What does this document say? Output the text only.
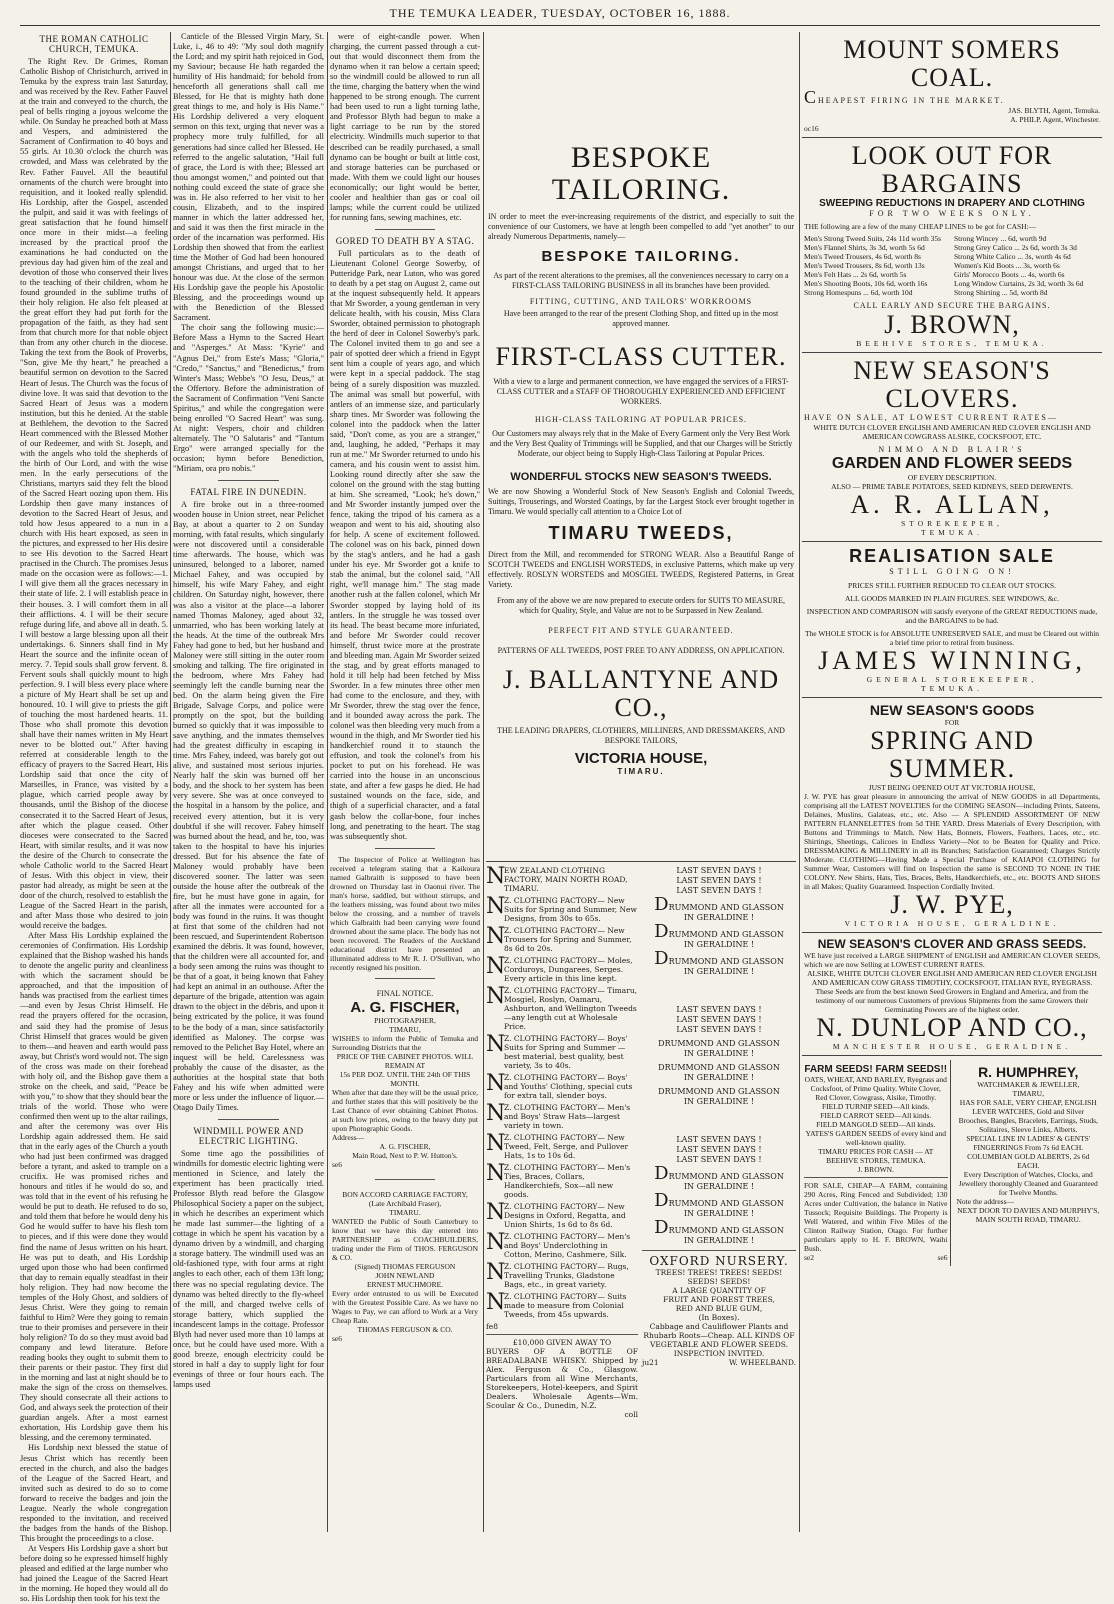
THE TEMUKA LEADER, TUESDAY, OCTOBER 16, 1888.
THE ROMAN CATHOLIC CHURCH, TEMUKA.

The Right Rev. Dr Grimes, Roman Catholic Bishop of Christchurch, arrived in Temuka by the express train last Saturday, and was received by the Rev. Father Fauvel at the train and conveyed to the church, the peal of bells ringing a joyous welcome the while. On Sunday he preached both at Mass and Vespers, and administered the Sacrament of Confirmation to 40 boys and 55 girls. At 10.30 o'clock the church was crowded, and Mass was celebrated by the Rev. Father Fauvel. All the beautiful ornaments of the church were brought into requisition, and it looked really splendid. His Lordship, after the Gospel, ascended the pulpit, and said it was with feelings of great satisfaction that he found himself once more in their midst—a feeling increased by the practical proof the examinations he had conducted on the previous day had given him of the zeal and devotion of those who conserved their lives to the teaching of their children, whom he found grounded in the sublime truths of their holy religion. He also felt pleased at the great effort they had put forth for the propagation of the faith, as they had sent from that church more for that noble object than from any other church in the diocese. Taking the text from the Book of Proverbs, "Son, give Me thy heart," he preached a beautiful sermon on devotion to the Sacred Heart of Jesus. The Church was the focus of divine love. It was said that devotion to the Sacred Heart of Jesus was a modern institution, but this he denied. At the stable at Bethlehem, the devotion to the Sacred Heart commenced with the Blessed Mother of our Redeemer, and with St. Joseph, and with the angels who told the shepherds of the birth of Our Lord, and with the wise men. In the early persecutions of the Christians, martyrs said they felt the blood of the Sacred Heart oozing upon them. His Lordship then gave many instances of devotion to the Sacred Heart of Jesus, and told how Jesus appeared to a nun in a church with His heart exposed, as seen in the pictures, and expressed to her His desire to see His devotion to the Sacred Heart practised in the Church. The promises Jesus made on the occasion were as follows:—1. I will give them all the graces necessary in their state of life. 2. I will establish peace in their houses. 3. I will comfort them in all their afflictions. 4. I will be their secure refuge during life, and above all in death. 5. I will bestow a large blessing upon all their undertakings. 6. Sinners shall find in My Heart the source and the infinite ocean of mercy. 7. Tepid souls shall grow fervent. 8. Fervent souls shall quickly mount to high perfection. 9. I will bless every place where a picture of My Heart shall be set up and honoured. 10. I will give to priests the gift of touching the most hardened hearts. 11. Those who shall promote this devotion shall have their names written in My Heart never to be blotted out." After having referred at considerable length to the efficacy of prayers to the Sacred Heart, His Lordship said that once the city of Marseilles, in France, was visited by a plague, which carried people away by thousands, until the Bishop of the diocese consecrated it to the Sacred Heart of Jesus, after which the plague ceased. Other dioceses were consecrated to the Sacred Heart, with similar results, and it was now the desire of the Church to consecrate the whole Catholic world to the Sacred Heart of Jesus. With this object in view, their pastor had already, as might be seen at the door of the church, resolved to establish the League of the Sacred Heart in the parish, and after Mass those who desired to join would receive the badges.

After Mass His Lordship explained the ceremonies of Confirmation. His Lordship explained that the Bishop washed his hands to denote the angelic purity and cleanliness with which the sacrament should be approached, and that the imposition of hands was practised from the earliest times—and even by Jesus Christ Himself. He read the prayers offered for the occasion, and said they had the promise of Jesus Christ Himself that graces would be given to them—and heaven and earth would pass away, but Christ's word would not. The sign of the cross was made on their forehead with holy oil, and the Bishop gave them a stroke on the cheek, and said, "Peace be with you," to show that they should bear the trials of the world. Those who were confirmed then went up to the altar railings, and after the ceremony was over His Lordship again addressed them. He said that in the early ages of the Church a youth who had just been confirmed was dragged before a tyrant, and asked to trample on a crucifix. He was promised riches and honours and titles if he would do so, and was told that in the event of his refusing he would be put to death. He refused to do so, and told them that before he would deny his God he would suffer to have his flesh torn to pieces, and if this were done they would find the name of Jesus written on his heart. He was put to death, and His Lordship urged upon those who had been confirmed that day to remain equally steadfast in their holy religion. They had now become the temples of the Holy Ghost, and soldiers of Jesus Christ. Were they going to remain faithful to Him? Were they going to remain true to their promises and persevere in their holy religion? To do so they must avoid bad company and lewd literature. Before reading books they ought to submit them to their parents or their pastor. They first did in the morning and last at night should be to make the sign of the cross on themselves. They should consecrate all their actions to God, and always seek the protection of their guardian angels. After a most earnest exhortation, His Lordship gave them his blessing, and the ceremony terminated.

His Lordship next blessed the statue of Jesus Christ which has recently been erected in the church, and also the badges of the League of the Sacred Heart, and invited such as desired to do so to come forward to receive the badges and join the League. Nearly the whole congregation responded to the invitation, and received the badges from the hands of the Bishop. This brought the proceedings to a close.

At Vespers His Lordship gave a short but before doing so he expressed himself highly pleased and edified at the large number who had joined the League of the Sacred Heart in the morning. He hoped they would all do so. His Lordship then took for his text the

Canticle of the Blessed Virgin Mary, St. Luke, i., 46 to 49: "My soul doth magnify the Lord; and my spirit hath rejoiced in God, my Saviour; because He hath regarded the humility of His handmaid; for behold from henceforth all generations shall call me Blessed, for He that is mighty hath done great things to me, and holy is His Name." His Lordship delivered a very eloquent sermon on this text, urging that never was a prophecy more truly fulfilled, for all generations had since called her Blessed. He referred to the angelic salutation, "Hail full of grace, the Lord is with thee; Blessed art thou amongst women," and pointed out that nothing could exceed the state of grace she was in. He also referred to her visit to her cousin, Elizabeth, and to the inspired manner in which the latter addressed her, and said it was then the first miracle in the order of the incarnation was performed. His Lordship then showed that from the earliest time the Mother of God had been honoured amongst Christians, and urged that to her honour was due. At the close of the sermon His Lordship gave the people his Apostolic Blessing, and the proceedings wound up with the Benediction of the Blessed Sacrament.

The choir sang the following music:—Before Mass a Hymn to the Sacred Heart and "Asperges." At Mass: "Kyrie" and "Agnus Dei," from Este's Mass; "Gloria," "Credo," "Sanctus," and "Benedictus," from Winter's Mass; Webbe's "O Jesu, Deus," at the Offertory. Before the administration of the Sacrament of Confirmation "Veni Sancte Spiritus," and while the congregation were being enrolled "O Sacred Heart" was sung. At night: Vespers, choir and children alternately. The "O Salutaris" and "Tantum Ergo" were arranged specially for the occasion; hymn before Benediction, "Miriam, ora pro nobis."

FATAL FIRE IN DUNEDIN.

A fire broke out in a three-roomed wooden house in Union street, near Pelichet Bay, at about a quarter to 2 on Sunday morning, with fatal results, which singularly were not discovered until a considerable time afterwards. The house, which was uninsured, belonged to a laborer, named Michael Fahey, and was occupied by himself, his wife Mary Fahey, and eight children. On Saturday night, however, there was also a visitor at the place—a laborer named Thomas Maloney, aged about 32, unmarried, who has been working lately at the heads. At the time of the outbreak Mrs Fahey had gone to bed, but her husband and Maloney were still sitting in the outer room smoking and talking. The fire originated in the bedroom, where Mrs Fahey had seemingly left the candle burning near the bed. On the alarm being given the Fire Brigade, Salvage Corps, and police were promptly on the spot, but the building burned so quickly that it was impossible to save anything, and the inmates themselves had the greatest difficulty in escaping in time. Mrs Fahey, indeed, was barely got out alive, and sustained most serious injuries. Nearly half the skin was burned off her body, and the shock to her system has been very severe. She was at once conveyed to the hospital in a hansom by the police, and received every attention, but it is very doubtful if she will recover. Fahey himself was burned about the head, and he, too, was taken to the hospital to have his injuries dressed. But for his absence the fate of Maloney would probably have been discovered sooner. The latter was seen outside the house after the outbreak of the fire, but he must have gone in again, for after all the inmates were accounted for a body was found in the ruins. It was thought at first that some of the children had not been rescued, and Superintendent Robertson examined the débris. It was found, however, that the children were all accounted for, and a body seen among the ruins was thought to be that of a goat, it being known that Fahey had kept an animal in an outhouse. After the departure of the brigade, attention was again drawn to the object in the débris, and upon it being extricated by the police, it was found to be the body of a man, since satisfactorily identified as Maloney. The corpse was removed to the Pelichet Bay Hotel, where an inquest will be held. Carelessness was probably the cause of the disaster, as the authorities at the hospital state that both Fahey and his wife when admitted were more or less under the influence of liquor.—Otago Daily Times.

WINDMILL POWER AND ELECTRIC LIGHTING.

Some time ago the possibilities of windmills for domestic electric lighting were mentioned in Science, and lately the experiment has been practically tried. Professor Blyth read before the Glasgow Philosophical Society a paper on the subject, in which he describes an experiment which he made last summer—the lighting of a cottage in which he spent his vacation by a dynamo driven by a windmill, and charging a storage battery. The windmill used was an old-fashioned type, with four arms at right angles to each other, each of them 13ft long; there was no special regulating device. The dynamo was belted directly to the fly-wheel of the mill, and charged twelve cells of storage battery, which supplied the incandescent lamps in the cottage. Professor Blyth had never used more than 10 lamps at once, but he could have used more. With a good breeze, enough electricity could be stored in half a day to supply light for four evenings of three or four hours each. The lamps used

were of eight-candle power. When charging, the current passed through a cut-out that would disconnect them from the dynamo when it ran below a certain speed; so the windmill could be allowed to run all the time, charging the battery when the wind happened to be strong enough. The current had been used to run a light turning lathe, and Professor Blyth had begun to make a light carriage to be run by the stored electricity. Windmills much superior to that described can be readily purchased, a small dynamo can be bought or built at little cost, and storage batteries can be purchased or made. With them we could light our houses economically; our light would be better, cooler and healthier than gas or coal oil lamps; while the current could be utilized for running fans, sewing machines, etc.

GORED TO DEATH BY A STAG.

Full particulars as to the death of Lieutenant Colonel George Sowerby, of Putteridge Park, near Luton, who was gored to death by a pet stag on August 2, came out at the inquest subsequently held. It appears that Mr Sworder, a young gentleman in very delicate health, with his cousin, Miss Clara Sworder, obtained permission to photograph the herd of deer in Colonel Sowerby's park. The Colonel invited them to go and see a pair of spotted deer which a friend in Egypt sent him a couple of years ago, and which were kept in a special paddock. The stag being of a surely disposition was muzzled. The animal was small but powerful, with antlers of an immense size, and particularly sharp tines. Mr Sworder was following the colonel into the paddock when the latter said, "Don't come, as you are a stranger," and, laughing, he added, "Perhaps it may run at me." Mr Sworder returned to undo his camera, and his cousin went to assist him. Looking round directly after she saw the colonel on the ground with the stag butting at him. She screamed, "Look; he's down," and Mr Sworder instantly jumped over the fence, taking the tripod of his camera as a weapon and went to his aid, shouting also for help. A scene of excitement followed. The colonel was on his back, pinned down by the stag's antlers, and he had a gash under his eye. Mr Sworder got a knife to stab the animal, but the colonel said, "All right, we'll manage him." The stag made another rush at the fallen colonel, which Mr Sworder stopped by laying hold of its antlers. In the struggle he was tossed over its head. The beast became more infuriated, and before Mr Sworder could recover himself, thrust twice more at the prostrate and bleeding man. Again Mr Sworder seized the stag, and by great efforts managed to hold it till help had been fetched by Miss Sworder. In a few minutes three other men had come to the enclosure, and they, with Mr Sworder, threw the stag over the fence, and it bounded away across the park. The colonel was then bleeding very much from a wound in the thigh, and Mr Sworder tied his handkerchief round it to staunch the effusion, and took the colonel's from his pocket to put on his forehead. He was carried into the house in an unconscious state, and after a few gasps he died. He had sustained wounds on the face, side, and thigh of a superficial character, and a fatal gash below the collar-bone, four inches long, and penetrating to the heart. The stag was subsequently shot.

The Inspector of Police at Wellington has received a telegram stating that a Kaikoura named Galbraith is supposed to have been drowned on Thursday last in Oaonui river. The man's horse, saddled, but without stirrups, and the leathers missing, was found about two miles below the crossing, and a number of travels which Galbraith had been carrying were found drowned about the same place. The body has not been recovered. The Readers of the Auckland educational district have presented an illuminated address to Mr R. J. O'Sullivan, who recently resigned his position.

FINAL NOTICE.
A. G. FISCHER,
PHOTOGRAPHER,
TIMARU,
WISHES to inform the Public of Temuka and Surrounding Districts that the
PRICE OF THE CABINET PHOTOS. WILL REMAIN AT
15s PER DOZ. UNTIL THE 24th OF THIS MONTH.
When after that date they will be the usual price, and further states that this will positively be the Last Chance of ever obtaining Cabinet Photos. at such low prices, owing to the heavy duty put upon Photographic Goods.
Address—
A. G. FISCHER,
Main Road, Next to P. W. Hutton's.
se6
BON ACCORD CARRIAGE FACTORY,
(Late Archibald Fraser),
TIMARU.
WANTED the Public of South Canterbury to know that we have this day entered into PARTNERSHIP as COACHBUILDERS, trading under the Firm of THOS. FERGUSON & CO.
(Signed) THOMAS FERGUSON
JOHN NEWLAND
ERNEST MUCHMORE.
Every order entrusted to us will be Executed with the Greatest Possible Care. As we have no Wages to Pay, we can afford to Work at a Very Cheap Rate.
THOMAS FERGUSON & CO.
se6
BESPOKE TAILORING.
IN order to meet the ever-increasing requirements of the district, and especially to suit the convenience of our Customers, we have at length been compelled to add "yet another" to our already Numerous Departments, namely—
BESPOKE TAILORING.
As part of the recent alterations to the premises, all the conveniences necessary to carry on a FIRST-CLASS TAILORING BUSINESS in all its branches have been provided.
FITTING, CUTTING, AND TAILORS' WORKROOMS
Have been arranged to the rear of the present Clothing Shop, and fitted up in the most approved manner.
FIRST-CLASS CUTTER.
With a view to a large and permanent connection, we have engaged the services of a FIRST-CLASS CUTTER and a STAFF OF THOROUGHLY EXPERIENCED AND EFFICIENT WORKERS.
HIGH-CLASS TAILORING AT POPULAR PRICES.
Our Customers may always rely that in the Make of Every Garment only the Very Best Work and the Very Best Quality of Trimmings will be Supplied, and that our Charges will be Strictly Moderate, our object being to Supply High-Class Tailoring at Popular Prices.
WONDERFUL STOCKS NEW SEASON'S TWEEDS.
We are now Showing a Wonderful Stock of New Season's English and Colonial Tweeds, Suitings, Trouserings, and Worsted Coatings, by far the Largest Stock ever brought together in Timaru. We would specially call attention to a Choice Lot of
TIMARU TWEEDS,
Direct from the Mill, and recommended for STRONG WEAR. Also a Beautiful Range of SCOTCH TWEEDS and ENGLISH WORSTEDS, in exclusive Patterns, which make up very effectively. ROSLYN WORSTEDS and MOSGIEL TWEEDS, Registered Patterns, in Great Variety.
From any of the above we are now prepared to execute orders for SUITS TO MEASURE, which for Quality, Style, and Value are not to be Surpassed in New Zealand.
PERFECT FIT AND STYLE GUARANTEED.
PATTERNS OF ALL TWEEDS, POST FREE TO ANY ADDRESS, ON APPLICATION.
J. BALLANTYNE AND CO.,
THE LEADING DRAPERS, CLOTHIERS, MILLINERS, AND DRESSMAKERS, AND BESPOKE TAILORS,
VICTORIA HOUSE,
TIMARU.
N
EW ZEALAND CLOTHING FACTORY, MAIN NORTH ROAD, TIMARU.
N
Z. CLOTHING FACTORY— New Suits for Spring and Summer, New Designs, from 30s to 65s.
N
Z. CLOTHING FACTORY— New Trousers for Spring and Summer, 8s 6d to 20s.
N
Z. CLOTHING FACTORY— Moles, Corduroys, Dungarees, Serges. Every article in this line kept.
N
Z. CLOTHING FACTORY— Timaru, Mosgiel, Roslyn, Oamaru, Ashburton, and Wellington Tweeds—any length cut at Wholesale Price.
N
Z. CLOTHING FACTORY— Boys' Suits for Spring and Summer —best material, best quality, best variety, 3s to 40s.
N
Z. CLOTHING FACTORY— Boys' and Youths' Clothing, special cuts for extra tall, slender boys.
N
Z. CLOTHING FACTORY— Men's and Boys' Straw Hats—largest variety in town.
N
Z. CLOTHING FACTORY— New Tweed, Felt, Serge, and Pullover Hats, 1s to 10s 6d.
N
Z. CLOTHING FACTORY— Men's Ties, Braces, Collars, Handkerchiefs, Sox—all new goods.
N
Z. CLOTHING FACTORY— New Designs in Oxford, Regatta, and Union Shirts, 1s 6d to 8s 6d.
N
Z. CLOTHING FACTORY— Men's and Boys' Underclothing in Cotton, Merino, Cashmere, Silk.
N
Z. CLOTHING FACTORY— Rugs, Travelling Trunks, Gladstone Bags, etc., in great variety.
N
Z. CLOTHING FACTORY— Suits made to measure from Colonial Tweeds, from 45s upwards.
fe8
£10,000 GIVEN AWAY TO
BUYERS OF A BOTTLE OF BREADALBANE WHISKY. Shipped by Alex. Ferguson & Co., Glasgow. Particulars from all Wine Merchants, Storekeepers, Hotel-keepers, and Spirit Dealers. Wholesale Agents—Wm. Scoular & Co., Dunedin, N.Z.
coll
LAST SEVEN DAYS !
LAST SEVEN DAYS !
LAST SEVEN DAYS !
DRUMMOND AND GLASSON
IN GERALDINE !
DRUMMOND AND GLASSON
IN GERALDINE !
DRUMMOND AND GLASSON
IN GERALDINE !
LAST SEVEN DAYS !
LAST SEVEN DAYS !
LAST SEVEN DAYS !
DRUMMOND AND GLASSON
IN GERALDINE !
DRUMMOND AND GLASSON
IN GERALDINE !
DRUMMOND AND GLASSON
IN GERALDINE !
LAST SEVEN DAYS !
LAST SEVEN DAYS !
LAST SEVEN DAYS !
DRUMMOND AND GLASSON
IN GERALDINE !
DRUMMOND AND GLASSON
IN GERALDINE !
DRUMMOND AND GLASSON
IN GERALDINE !
OXFORD NURSERY.
TREES! TREES! TREES! SEEDS! SEEDS! SEEDS!
A LARGE QUANTITY OF
FRUIT AND FOREST TREES,
RED AND BLUE GUM,
(In Boxes).
Cabbage and Cauliflower Plants and Rhubarb Roots—Cheap. ALL KINDS OF VEGETABLE AND FLOWER SEEDS.
INSPECTION INVITED.
ju21	W. WHEELBAND.
MOUNT SOMERS COAL.
CHEAPEST FIRING IN THE MARKET.
JAS. BLYTH, Agent, Temuka.
A. PHILP, Agent, Winchester.
oc16
LOOK OUT FOR BARGAINS
SWEEPING REDUCTIONS IN DRAPERY AND CLOTHING
FOR TWO WEEKS ONLY.
THE following are a few of the many CHEAP LINES to be got for CASH:—
Men's Strong Tweed Suits, 24s 11d worth 35s
Men's Flannel Shirts, 3s 3d, worth 5s 6d
Men's Tweed Trousers, 4s 6d, worth 8s
Men's Tweed Trousers, 8s 6d, worth 13s
Men's Felt Hats ... 2s 6d, worth 5s
Men's Shooting Boots, 10s 6d, worth 16s
Strong Homespuns ... 6d, worth 10d
Strong Wincey ... 6d, worth 9d
Strong Grey Calico ... 2s 6d, worth 3s 3d
Strong White Calico ... 3s, worth 4s 6d
Women's Kid Boots ... 3s, worth 6s
Girls' Morocco Boots ... 4s, worth 6s
Long Window Curtains, 2s 3d, worth 3s 6d
Strong Shirting ... 5d, worth 8d
CALL EARLY AND SECURE THE BARGAINS.
J. BROWN,
BEEHIVE STORES, TEMUKA.
NEW SEASON'S CLOVERS.
HAVE ON SALE, AT LOWEST CURRENT RATES—
WHITE DUTCH CLOVER ENGLISH AND AMERICAN RED CLOVER ENGLISH AND AMERICAN COWGRASS ALSIKE, COCKSFOOT, ETC.
NIMMO AND BLAIR'S
GARDEN AND FLOWER SEEDS
OF EVERY DESCRIPTION.
ALSO — PRIME TABLE POTATOES, SEED KIDNEYS, SEED DERWENTS.
A. R. ALLAN,
STOREKEEPER,
TEMUKA.
REALISATION SALE
STILL GOING ON!
PRICES STILL FURTHER REDUCED TO CLEAR OUT STOCKS.
ALL GOODS MARKED IN PLAIN FIGURES. SEE WINDOWS, &c.
INSPECTION AND COMPARISON will satisfy everyone of the GREAT REDUCTIONS made, and the BARGAINS to be had.
The WHOLE STOCK is for ABSOLUTE UNRESERVED SALE, and must be Cleared out within a brief time prior to retiral from business.
JAMES WINNING,
GENERAL STOREKEEPER,
TEMUKA.
NEW SEASON'S GOODS
FOR
SPRING AND SUMMER.
JUST BEING OPENED OUT AT VICTORIA HOUSE,
J. W. PYE has great pleasure in announcing the arrival of NEW GOODS in all Departments, comprising all the LATEST NOVELTIES for the COMING SEASON—including Prints, Sateens, Delaines, Muslins, Galateas, etc., etc. Also — A SPLENDID ASSORTMENT OF NEW PATTERN FLANNELETTES from 5d THE YARD. Dress Materials of Every Description, with Buttons and Trimmings to Match. New Hats, Bonnets, Flowers, Feathers, Laces, etc., etc. Shirtings, Sheetings, Calicoes in Endless Variety—Not to be Beaten for Quality and Price. DRESSMAKING & MILLINERY in all its Branches; Satisfaction Guaranteed; Charges Strictly Moderate. CLOTHING—Having Made a Special Purchase of KAIAPOI CLOTHING for Summer Wear, Customers will find on Inspection the same is SECOND TO NONE IN THE COLONY. New Shirts, Hats, Ties, Braces, Belts, Handkerchiefs, etc., etc. BOOTS AND SHOES in all Makes; Quality Guaranteed. Inspection Cordially Invited.
J. W. PYE,
VICTORIA HOUSE, GERALDINE.
NEW SEASON'S CLOVER AND GRASS SEEDS.
WE have just received a LARGE SHIPMENT of ENGLISH and AMERICAN CLOVER SEEDS, which we are now Selling at LOWEST CURRENT RATES.
ALSIKE, WHITE DUTCH CLOVER ENGLISH AND AMERICAN RED CLOVER ENGLISH AND AMERICAN COW GRASS TIMOTHY, COCKSFOOT, ITALIAN RYE, RYEGRASS.
These Seeds are from the best known Seed Growers in England and America, and from the testimony of our numerous Customers of previous Shipments from the same Growers their Germinating Powers are of the highest order.
N. DUNLOP AND CO.,
MANCHESTER HOUSE, GERALDINE.
FARM SEEDS! FARM SEEDS!!
OATS, WHEAT, AND BARLEY, Ryegrass and Cocksfoot, of Prime Quality. White Clover, Red Clover, Cowgrass, Alsike, Timothy.
FIELD TURNIP SEED—All kinds.
FIELD CARROT SEED—All kinds.
FIELD MANGOLD SEED—All kinds.
YATES'S GARDEN SEEDS of every kind and well-known quality.
TIMARU PRICES FOR CASH — AT BEEHIVE STORES, TEMUKA.
J. BROWN.
FOR SALE, CHEAP—A FARM, containing 290 Acres, Ring Fenced and Subdivided; 130 Acres under Cultivation, the balance in Native Tussock; Requisite Buildings. The Property is Well Watered, and within Five Miles of the Clinton Railway Station, Otago. For further particulars apply to H. F. BROWN, Waihi Bush.
se2	se6
R. HUMPHREY,
WATCHMAKER & JEWELLER,
TIMARU,
HAS FOR SALE, VERY CHEAP, ENGLISH LEVER WATCHES, Gold and Silver Brooches, Bangles, Bracelets, Earrings, Studs, Solitaires, Sleeve Links, Alberts.
SPECIAL LINE IN LADIES' & GENTS' FINGERRINGS From 7s 6d EACH.
COLUMBIAN GOLD ALBERTS, 2s 6d EACH.
Every Description of Watches, Clocks, and Jewellery thoroughly Cleaned and Guaranteed for Twelve Months.
Note the address—
NEXT DOOR TO DAVIES AND MURPHY'S, MAIN SOUTH ROAD, TIMARU.
